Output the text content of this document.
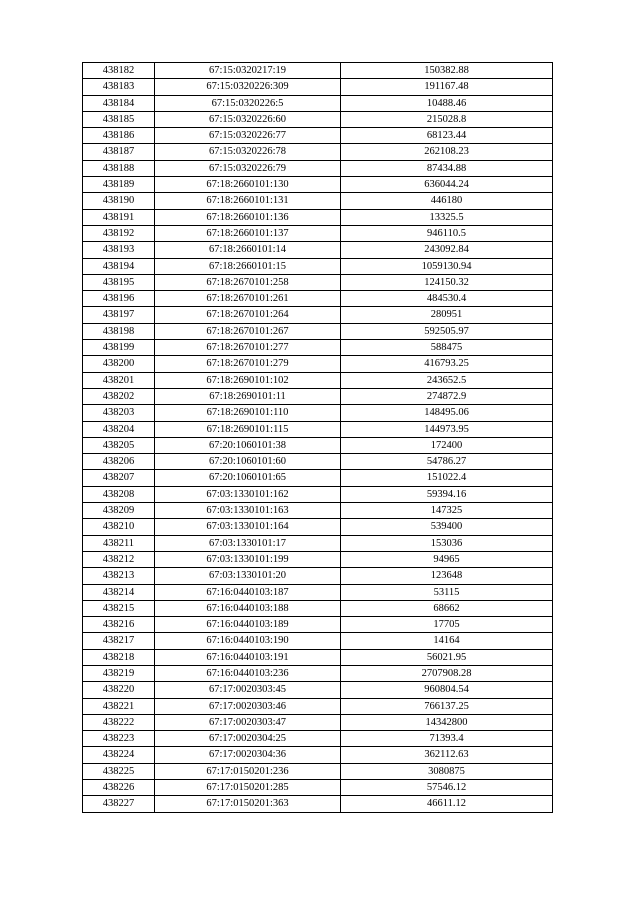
438182	67:15:0320217:19	150382.88
438183	67:15:0320226:309	191167.48
438184	67:15:0320226:5	10488.46
438185	67:15:0320226:60	215028.8
438186	67:15:0320226:77	68123.44
438187	67:15:0320226:78	262108.23
438188	67:15:0320226:79	87434.88
438189	67:18:2660101:130	636044.24
438190	67:18:2660101:131	446180
438191	67:18:2660101:136	13325.5
438192	67:18:2660101:137	946110.5
438193	67:18:2660101:14	243092.84
438194	67:18:2660101:15	1059130.94
438195	67:18:2670101:258	124150.32
438196	67:18:2670101:261	484530.4
438197	67:18:2670101:264	280951
438198	67:18:2670101:267	592505.97
438199	67:18:2670101:277	588475
438200	67:18:2670101:279	416793.25
438201	67:18:2690101:102	243652.5
438202	67:18:2690101:11	274872.9
438203	67:18:2690101:110	148495.06
438204	67:18:2690101:115	144973.95
438205	67:20:1060101:38	172400
438206	67:20:1060101:60	54786.27
438207	67:20:1060101:65	151022.4
438208	67:03:1330101:162	59394.16
438209	67:03:1330101:163	147325
438210	67:03:1330101:164	539400
438211	67:03:1330101:17	153036
438212	67:03:1330101:199	94965
438213	67:03:1330101:20	123648
438214	67:16:0440103:187	53115
438215	67:16:0440103:188	68662
438216	67:16:0440103:189	17705
438217	67:16:0440103:190	14164
438218	67:16:0440103:191	56021.95
438219	67:16:0440103:236	2707908.28
438220	67:17:0020303:45	960804.54
438221	67:17:0020303:46	766137.25
438222	67:17:0020303:47	14342800
438223	67:17:0020304:25	71393.4
438224	67:17:0020304:36	362112.63
438225	67:17:0150201:236	3080875
438226	67:17:0150201:285	57546.12
438227	67:17:0150201:363	46611.12
